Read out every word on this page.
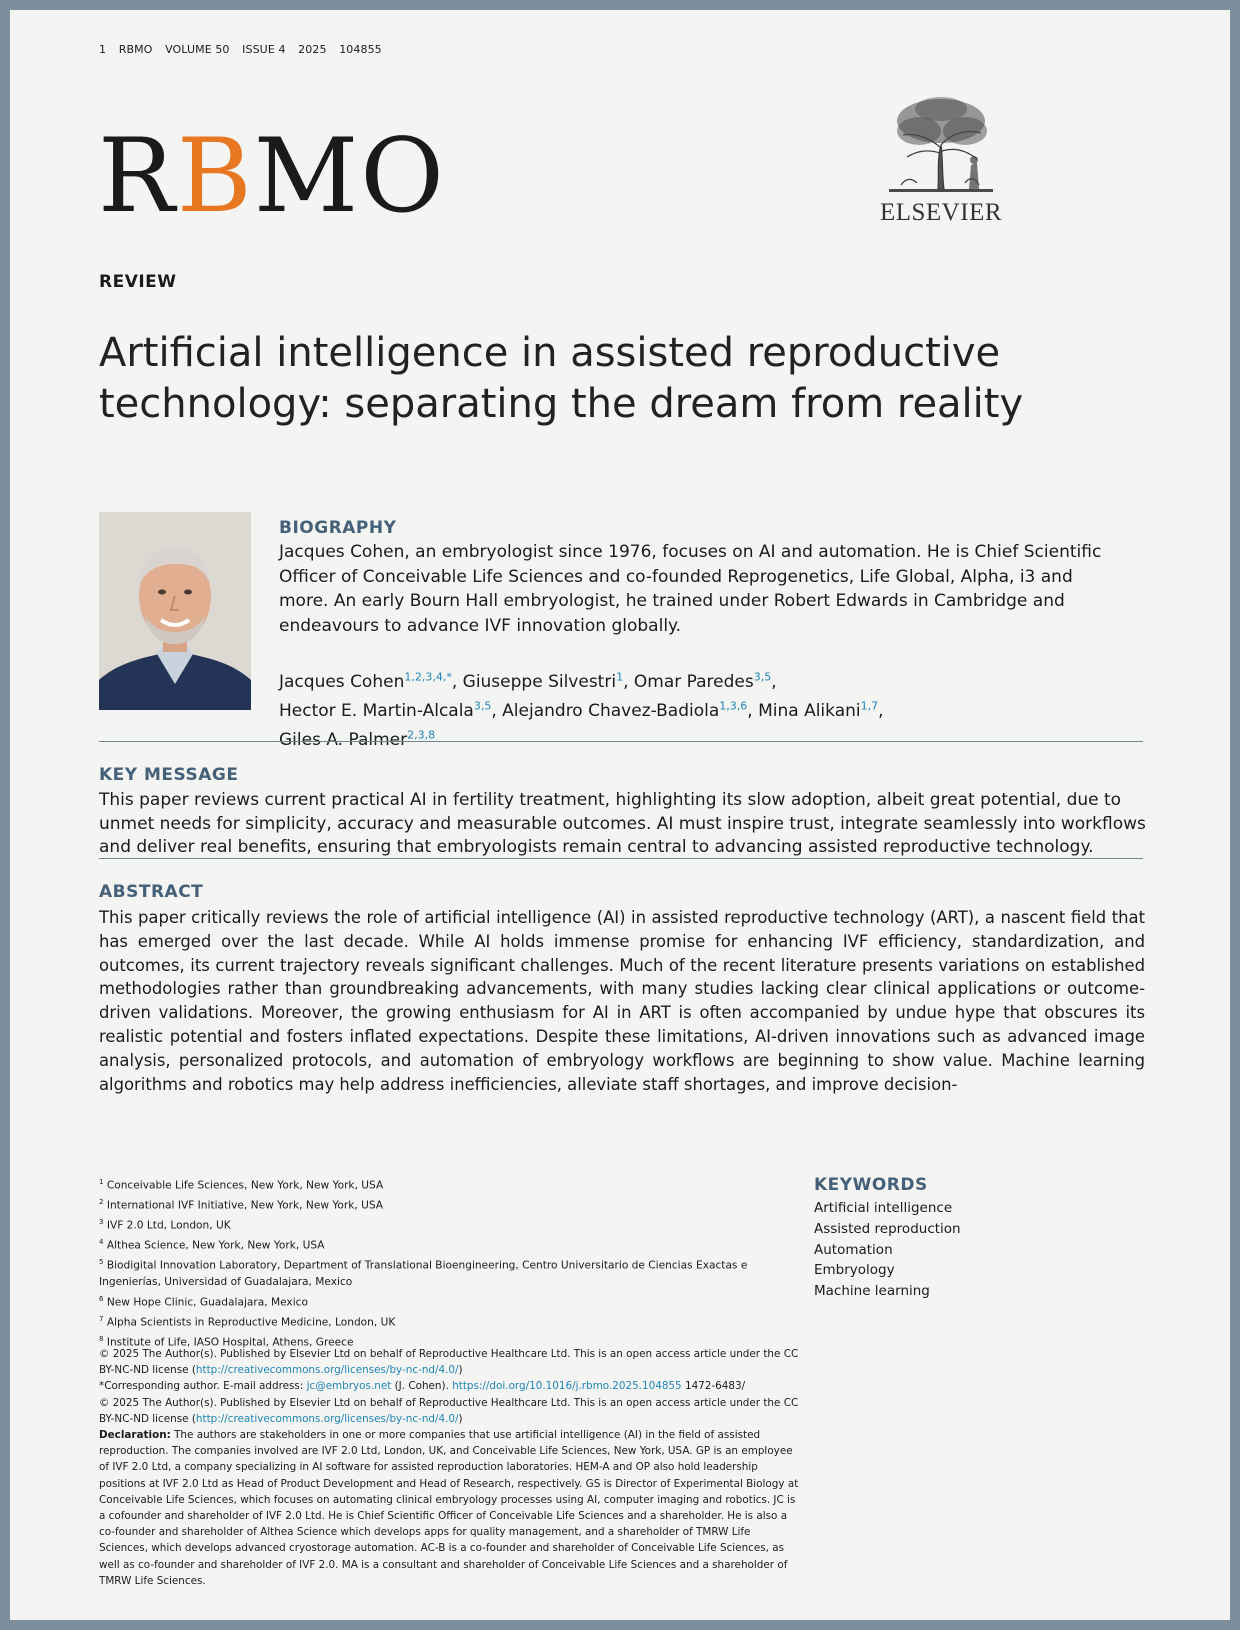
1 RBMO VOLUME 50 ISSUE 4 2025 104855
RBMO	ELSEVIER
REVIEW
Artificial intelligence in assisted reproductive technology: separating the dream from reality
BIOGRAPHY

Jacques Cohen, an embryologist since 1976, focuses on AI and automation. He is Chief Scientific Officer of Conceivable Life Sciences and co-founded Reprogenetics, Life Global, Alpha, i3 and more. An early Bourn Hall embryologist, he trained under Robert Edwards in Cambridge and endeavours to advance IVF innovation globally.

Jacques Cohen$^{1,2,3,4,*}$, Giuseppe Silvestri$^1$, Omar Paredes$^{3,5}$,
Hector E. Martin-Alcala$^{3,5}$, Alejandro Chavez-Badiola$^{1,3,6}$, Mina Alikani$^{1,7}$,
Giles A. Palmer$^{2,3,8}$
KEY MESSAGE

This paper reviews current practical AI in fertility treatment, highlighting its slow adoption, albeit great potential, due to unmet needs for simplicity, accuracy and measurable outcomes. AI must inspire trust, integrate seamlessly into workflows and deliver real benefits, ensuring that embryologists remain central to advancing assisted reproductive technology.

ABSTRACT

This paper critically reviews the role of artificial intelligence (AI) in assisted reproductive technology (ART), a nascent field that has emerged over the last decade. While AI holds immense promise for enhancing IVF efficiency, standardization, and outcomes, its current trajectory reveals significant challenges. Much of the recent literature presents variations on established methodologies rather than groundbreaking advancements, with many studies lacking clear clinical applications or outcome-driven validations. Moreover, the growing enthusiasm for AI in ART is often accompanied by undue hype that obscures its realistic potential and fosters inflated expectations. Despite these limitations, AI-driven innovations such as advanced image analysis, personalized protocols, and automation of embryology workflows are beginning to show value. Machine learning algorithms and robotics may help address inefficiencies, alleviate staff shortages, and improve decision-

$^1$ Conceivable Life Sciences, New York, New York, USA
$^2$ International IVF Initiative, New York, New York, USA
$^3$ IVF 2.0 Ltd, London, UK
$^4$ Althea Science, New York, New York, USA
$^5$ Biodigital Innovation Laboratory, Department of Translational Bioengineering, Centro Universitario de Ciencias Exactas e Ingenierías, Universidad of Guadalajara, Mexico
$^6$ New Hope Clinic, Guadalajara, Mexico
$^7$ Alpha Scientists in Reproductive Medicine, London, UK
$^8$ Institute of Life, IASO Hospital, Athens, Greece
KEYWORDS
Artificial intelligence
Assisted reproduction
Automation
Embryology
Machine learning

© 2025 The Author(s). Published by Elsevier Ltd on behalf of Reproductive Healthcare Ltd. This is an open access article under the CC BY-NC-ND license (http://creativecommons.org/licenses/by-nc-nd/4.0/)

*Corresponding author. E-mail address: jc@embryos.net (J. Cohen). https://doi.org/10.1016/j.rbmo.2025.104855 1472-6483/

© 2025 The Author(s). Published by Elsevier Ltd on behalf of Reproductive Healthcare Ltd. This is an open access article under the CC BY-NC-ND license (http://creativecommons.org/licenses/by-nc-nd/4.0/)

Declaration: The authors are stakeholders in one or more companies that use artificial intelligence (AI) in the field of assisted reproduction. The companies involved are IVF 2.0 Ltd, London, UK, and Conceivable Life Sciences, New York, USA. GP is an employee of IVF 2.0 Ltd, a company specializing in AI software for assisted reproduction laboratories. HEM-A and OP also hold leadership positions at IVF 2.0 Ltd as Head of Product Development and Head of Research, respectively. GS is Director of Experimental Biology at Conceivable Life Sciences, which focuses on automating clinical embryology processes using AI, computer imaging and robotics. JC is a cofounder and shareholder of IVF 2.0 Ltd. He is Chief Scientific Officer of Conceivable Life Sciences and a shareholder. He is also a co-founder and shareholder of Althea Science which develops apps for quality management, and a shareholder of TMRW Life Sciences, which develops advanced cryostorage automation. AC-B is a co-founder and shareholder of Conceivable Life Sciences, as well as co-founder and shareholder of IVF 2.0. MA is a consultant and shareholder of Conceivable Life Sciences and a shareholder of TMRW Life Sciences.
